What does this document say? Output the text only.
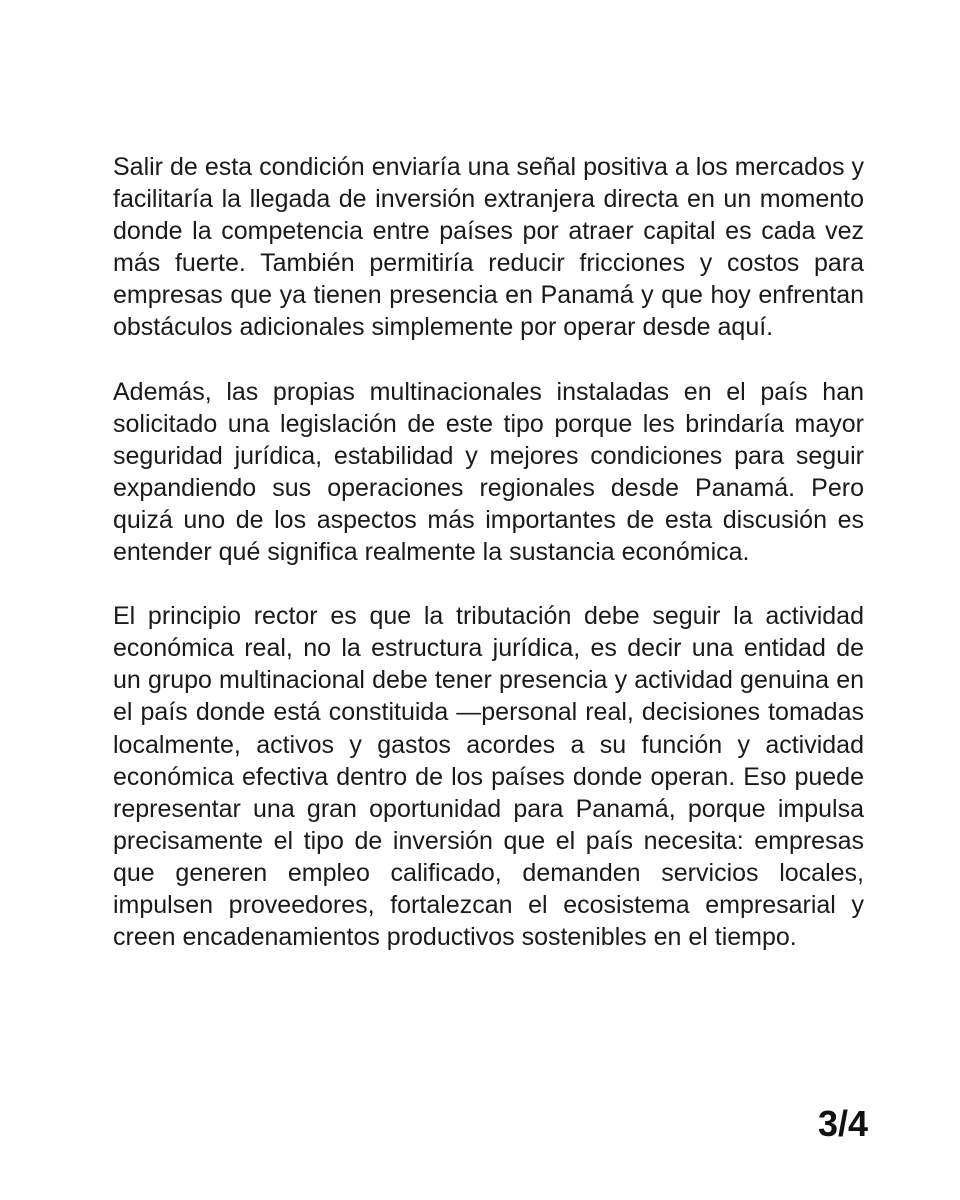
Salir de esta condición enviaría una señal positiva a los mercados y facilitaría la llegada de inversión extranjera directa en un momento donde la competencia entre países por atraer capital es cada vez más fuerte. También permitiría reducir fricciones y costos para empresas que ya tienen presencia en Panamá y que hoy enfrentan obstáculos adicionales simplemente por operar desde aquí.

Además, las propias multinacionales instaladas en el país han solicitado una legislación de este tipo porque les brindaría mayor seguridad jurídica, estabilidad y mejores condiciones para seguir expandiendo sus operaciones regionales desde Panamá. Pero quizá uno de los aspectos más importantes de esta discusión es entender qué significa realmente la sustancia económica.

El principio rector es que la tributación debe seguir la actividad económica real, no la estructura jurídica, es decir una entidad de un grupo multinacional debe tener presencia y actividad genuina en el país donde está constituida —personal real, decisiones tomadas localmente, activos y gastos acordes a su función y actividad económica efectiva dentro de los países donde operan. Eso puede representar una gran oportunidad para Panamá, porque impulsa precisamente el tipo de inversión que el país necesita: empresas que generen empleo calificado, demanden servicios locales, impulsen proveedores, fortalezcan el ecosistema empresarial y creen encadenamientos productivos sostenibles en el tiempo.

3/4
